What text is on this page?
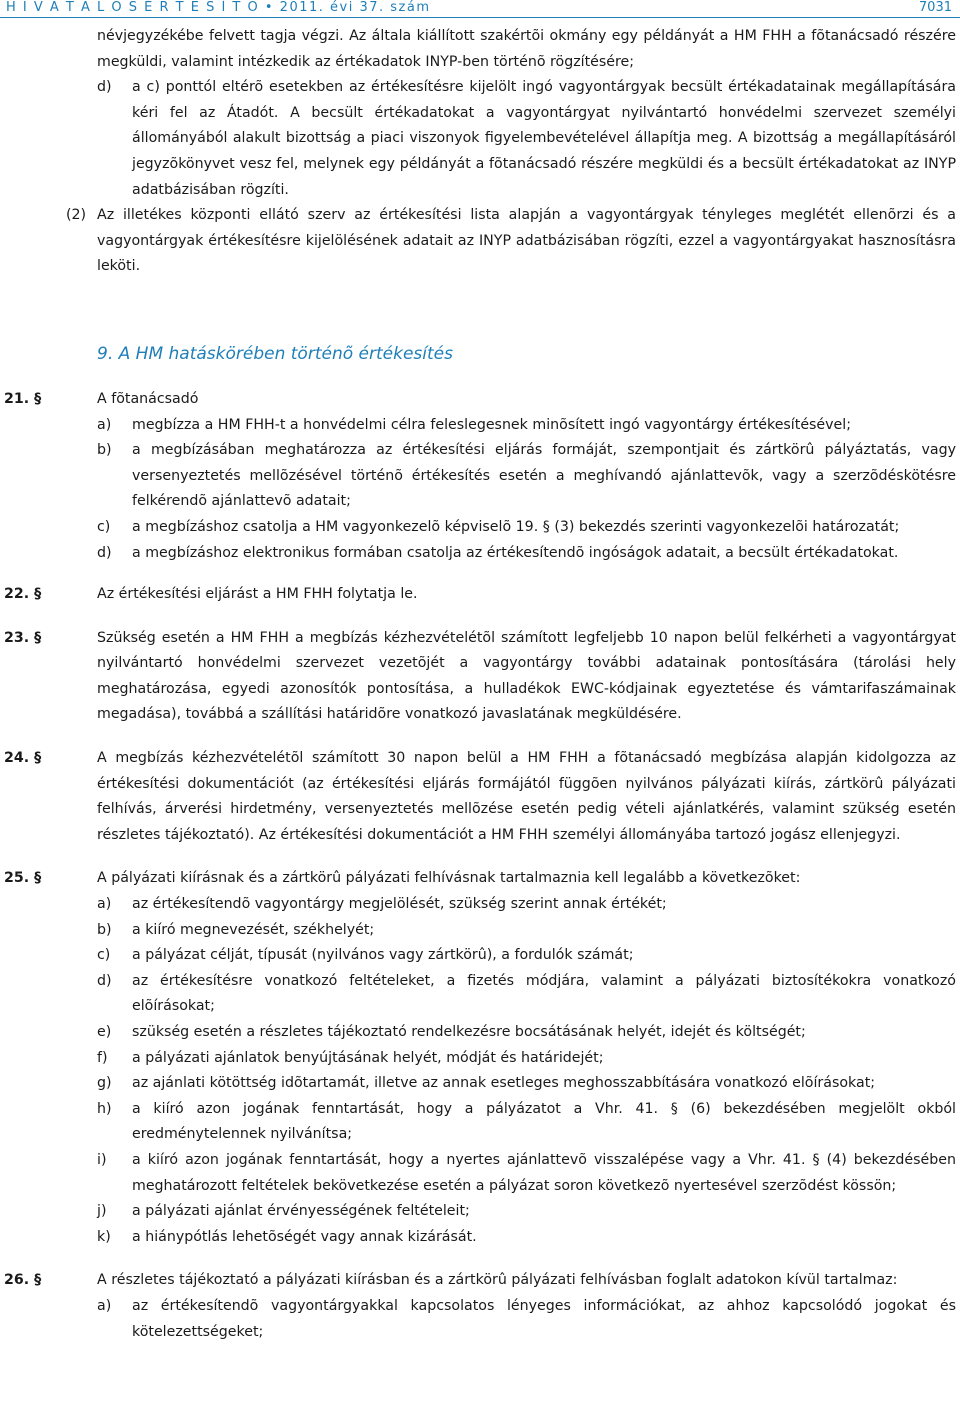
H I V A T A L O S É R T E S Í T Õ • 2011. évi 37. szám	7031
névjegyzékébe felvett tagja végzi. Az általa kiállított szakértõi okmány egy példányát a HM FHH a fõtanácsadó részére megküldi, valamint intézkedik az értékadatok INYP-ben történõ rögzítésére;
d) a c) ponttól eltérõ esetekben az értékesítésre kijelölt ingó vagyontárgyak becsült értékadatainak megállapítására kéri fel az Átadót. A becsült értékadatokat a vagyontárgyat nyilvántartó honvédelmi szervezet személyi állományából alakult bizottság a piaci viszonyok figyelembevételével állapítja meg. A bizottság a megállapításáról jegyzõkönyvet vesz fel, melynek egy példányát a fõtanácsadó részére megküldi és a becsült értékadatokat az INYP adatbázisában rögzíti.
(2) Az illetékes központi ellátó szerv az értékesítési lista alapján a vagyontárgyak tényleges meglétét ellenõrzi és a vagyontárgyak értékesítésre kijelölésének adatait az INYP adatbázisában rögzíti, ezzel a vagyontárgyakat hasznosításra leköti.
9. A HM hatáskörében történõ értékesítés
21. §	A fõtanácsadó
a) megbízza a HM FHH-t a honvédelmi célra feleslegesnek minõsített ingó vagyontárgy értékesítésével;
b) a megbízásában meghatározza az értékesítési eljárás formáját, szempontjait és zártkörû pályáztatás, vagy versenyeztetés mellõzésével történõ értékesítés esetén a meghívandó ajánlattevõk, vagy a szerzõdéskötésre felkérendõ ajánlattevõ adatait;
c) a megbízáshoz csatolja a HM vagyonkezelõ képviselõ 19. § (3) bekezdés szerinti vagyonkezelõi határozatát;
d) a megbízáshoz elektronikus formában csatolja az értékesítendõ ingóságok adatait, a becsült értékadatokat.
22. §	Az értékesítési eljárást a HM FHH folytatja le.
23. §	Szükség esetén a HM FHH a megbízás kézhezvételétõl számított legfeljebb 10 napon belül felkérheti a vagyontárgyat nyilvántartó honvédelmi szervezet vezetõjét a vagyontárgy további adatainak pontosítására (tárolási hely meghatározása, egyedi azonosítók pontosítása, a hulladékok EWC-kódjainak egyeztetése és vámtarifaszámainak megadása), továbbá a szállítási határidõre vonatkozó javaslatának megküldésére.
24. §	A megbízás kézhezvételétõl számított 30 napon belül a HM FHH a fõtanácsadó megbízása alapján kidolgozza az értékesítési dokumentációt (az értékesítési eljárás formájától függõen nyilvános pályázati kiírás, zártkörû pályázati felhívás, árverési hirdetmény, versenyeztetés mellõzése esetén pedig vételi ajánlatkérés, valamint szükség esetén részletes tájékoztató). Az értékesítési dokumentációt a HM FHH személyi állományába tartozó jogász ellenjegyzi.
25. §	A pályázati kiírásnak és a zártkörû pályázati felhívásnak tartalmaznia kell legalább a következõket:
a) az értékesítendõ vagyontárgy megjelölését, szükség szerint annak értékét;
b) a kiíró megnevezését, székhelyét;
c) a pályázat célját, típusát (nyilvános vagy zártkörû), a fordulók számát;
d) az értékesítésre vonatkozó feltételeket, a fizetés módjára, valamint a pályázati biztosítékokra vonatkozó elõírásokat;
e) szükség esetén a részletes tájékoztató rendelkezésre bocsátásának helyét, idejét és költségét;
f) a pályázati ajánlatok benyújtásának helyét, módját és határidejét;
g) az ajánlati kötöttség idõtartamát, illetve az annak esetleges meghosszabbítására vonatkozó elõírásokat;
h) a kiíró azon jogának fenntartását, hogy a pályázatot a Vhr. 41. § (6) bekezdésében megjelölt okból eredménytelennek nyilvánítsa;
i) a kiíró azon jogának fenntartását, hogy a nyertes ajánlattevõ visszalépése vagy a Vhr. 41. § (4) bekezdésében meghatározott feltételek bekövetkezése esetén a pályázat soron következõ nyertesével szerzõdést kössön;
j) a pályázati ajánlat érvényességének feltételeit;
k) a hiánypótlás lehetõségét vagy annak kizárását.
26. §	A részletes tájékoztató a pályázati kiírásban és a zártkörû pályázati felhívásban foglalt adatokon kívül tartalmaz:
a) az értékesítendõ vagyontárgyakkal kapcsolatos lényeges információkat, az ahhoz kapcsolódó jogokat és kötelezettségeket;
